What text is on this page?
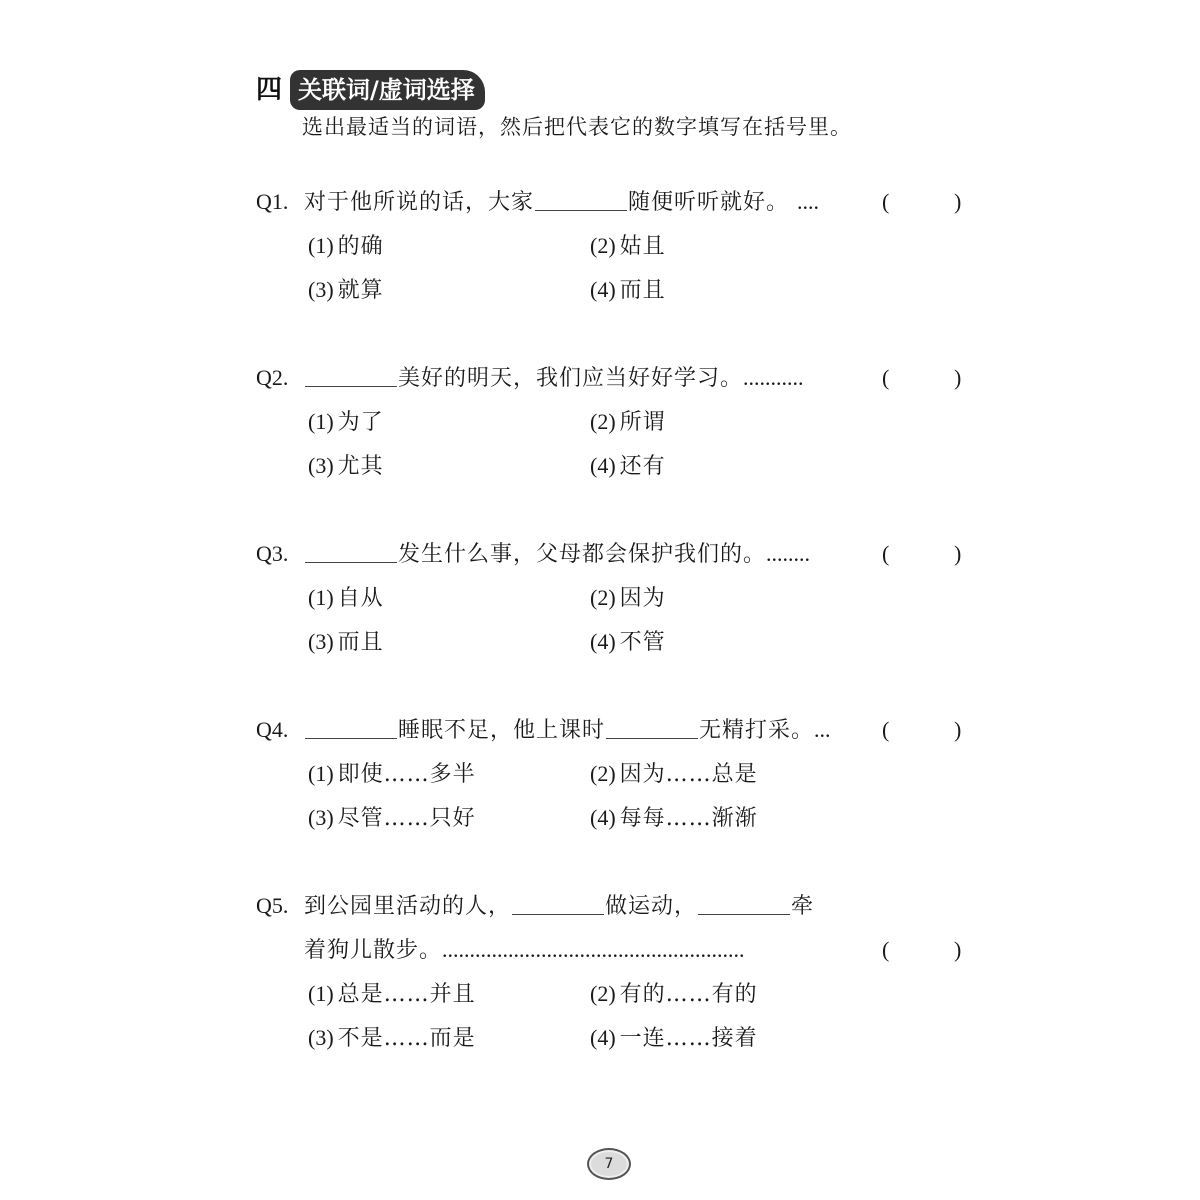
四 关联词/虚词选择
选出最适当的词语，然后把代表它的数字填写在括号里。
Q1. 对于他所说的话，大家	随便听听就好。 ....	(	)
(1) 的确	(2) 姑且
(3) 就算	(4) 而且
Q2.	美好的明天，我们应当好好学习。...........	(	)
(1) 为了	(2) 所谓
(3) 尤其	(4) 还有
Q3.	发生什么事，父母都会保护我们的。........	(	)
(1) 自从	(2) 因为
(3) 而且	(4) 不管
Q4.	睡眠不足，他上课时	无精打采。... (	)
(1) 即使……多半	(2) 因为……总是
(3) 尽管……只好	(4) 每每……渐渐
Q5. 到公园里活动的人，	做运动，	牵
着狗儿散步。.......................................................	(	)
(1) 总是……并且	(2) 有的……有的
(3) 不是……而是	(4) 一连……接着
7
